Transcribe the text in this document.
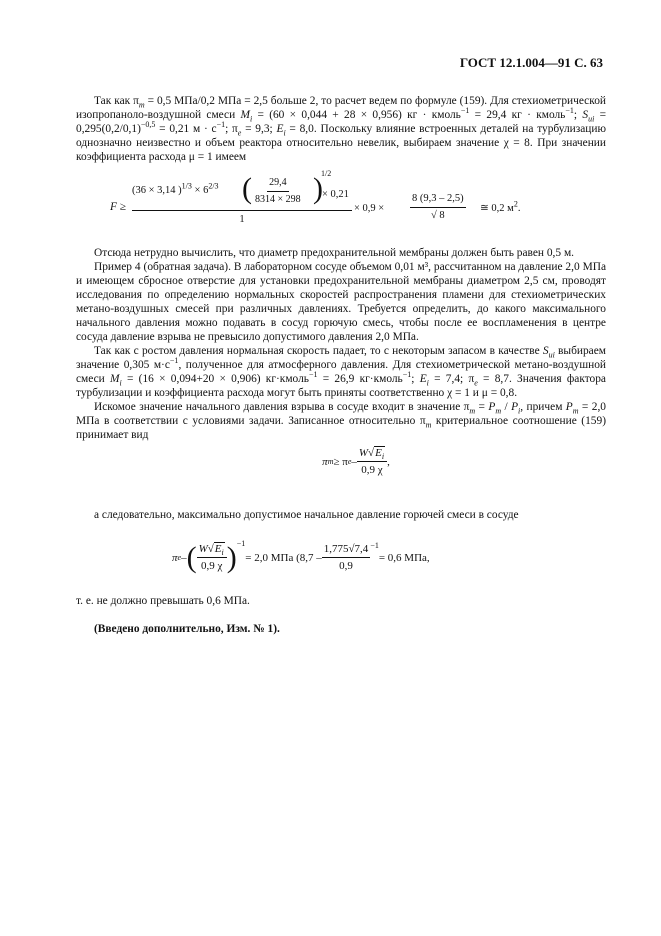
ГОСТ 12.1.004—91 С. 63

Так как $\pi_m = 0,5$ МПа/0,2 МПа = 2,5 больше 2, то расчет ведем по формуле (159). Для стехиометрической изопропаноло-воздушной смеси $M_i = (60 \times 0,044 + 28 \times 0,956)$ кг · кмоль$^{-1}$ = 29,4 кг · кмоль$^{-1}$; $S_{ui} = 0,295(0,2/0,1)^{-0,5} = 0,21$ $м \cdot с^{-1}$; $\pi_e = 9,3$; $E_i = 8,0$. Поскольку влияние встроенных деталей на турбулизацию однозначно неизвестно и объем реактора относительно невелик, выбираем значение χ = 8. При значении коэффициента расхода μ = 1 имеем

F ≥
(36 × 3,14 )$^{1/3} \times 6^{2/3}$ ( $\frac{29,4}{8314 \times 298}$ )
1/2
× 0,21
1
× $0,9 \times \frac{8 (9,3 - 2,5)}{√ 8}$ ≅ 0,2 $м^2$.

Отсюда нетрудно вычислить, что диаметр предохранительной мембраны должен быть равен 0,5 м.

Пример 4 (обратная задача). В лабораторном сосуде объемом 0,01 м³, рассчитанном на давление 2,0 МПа и имеющем сбросное отверстие для установки предохранительной мембраны диаметром 2,5 см, проводят исследования по определению нормальных скоростей распространения пламени для стехиометрических метано-воздушных смесей при различных давлениях. Требуется определить, до какого максимального начального давления можно подавать в сосуд горючую смесь, чтобы после ее воспламенения в центре сосуда давление взрыва не превысило допустимого давления 2,0 МПа.

Так как с ростом давления нормальная скорость падает, то с некоторым запасом в качестве $S_{ui}$ выбираем значение 0,305 $м\cdot с^{-1}$, полученное для атмосферного давления. Для стехиометрической метано-воздушной смеси $M_i = (16 \times 0,094+20 \times 0,906)$ кг·кмоль$^{-1}$ = 26,9 кг·кмоль$^{-1}$; $E_i = 7,4$; $\pi_e = 8,7$. Значения фактора турбулизации и коэффициента расхода могут быть приняты соответственно χ = 1 и μ = 0,8.

Искомое значение начального давления взрыва в сосуде входит в значение $\pi_m = P_m / P_i$, причем $P_m = 2,0$ МПа в соответствии с условиями задачи. Записанное относительно $\pi_m$ критериальное соотношение (159) принимает вид

π m ≥ π e – $\frac{W√E_i}{0,9 \chi}$ ,

а следовательно, максимально допустимое начальное давление горючей смеси в сосуде

π e – ( $\frac{W√E_i}{0,9 \chi} )^{-1}$
= 2,0 МПа ($8,7 - \frac{1,775√7,4}{0,9}^{-1}$
= 0,6 МПа,

т. е. не должно превышать 0,6 МПа.

(Введено дополнительно, Изм. № 1).
